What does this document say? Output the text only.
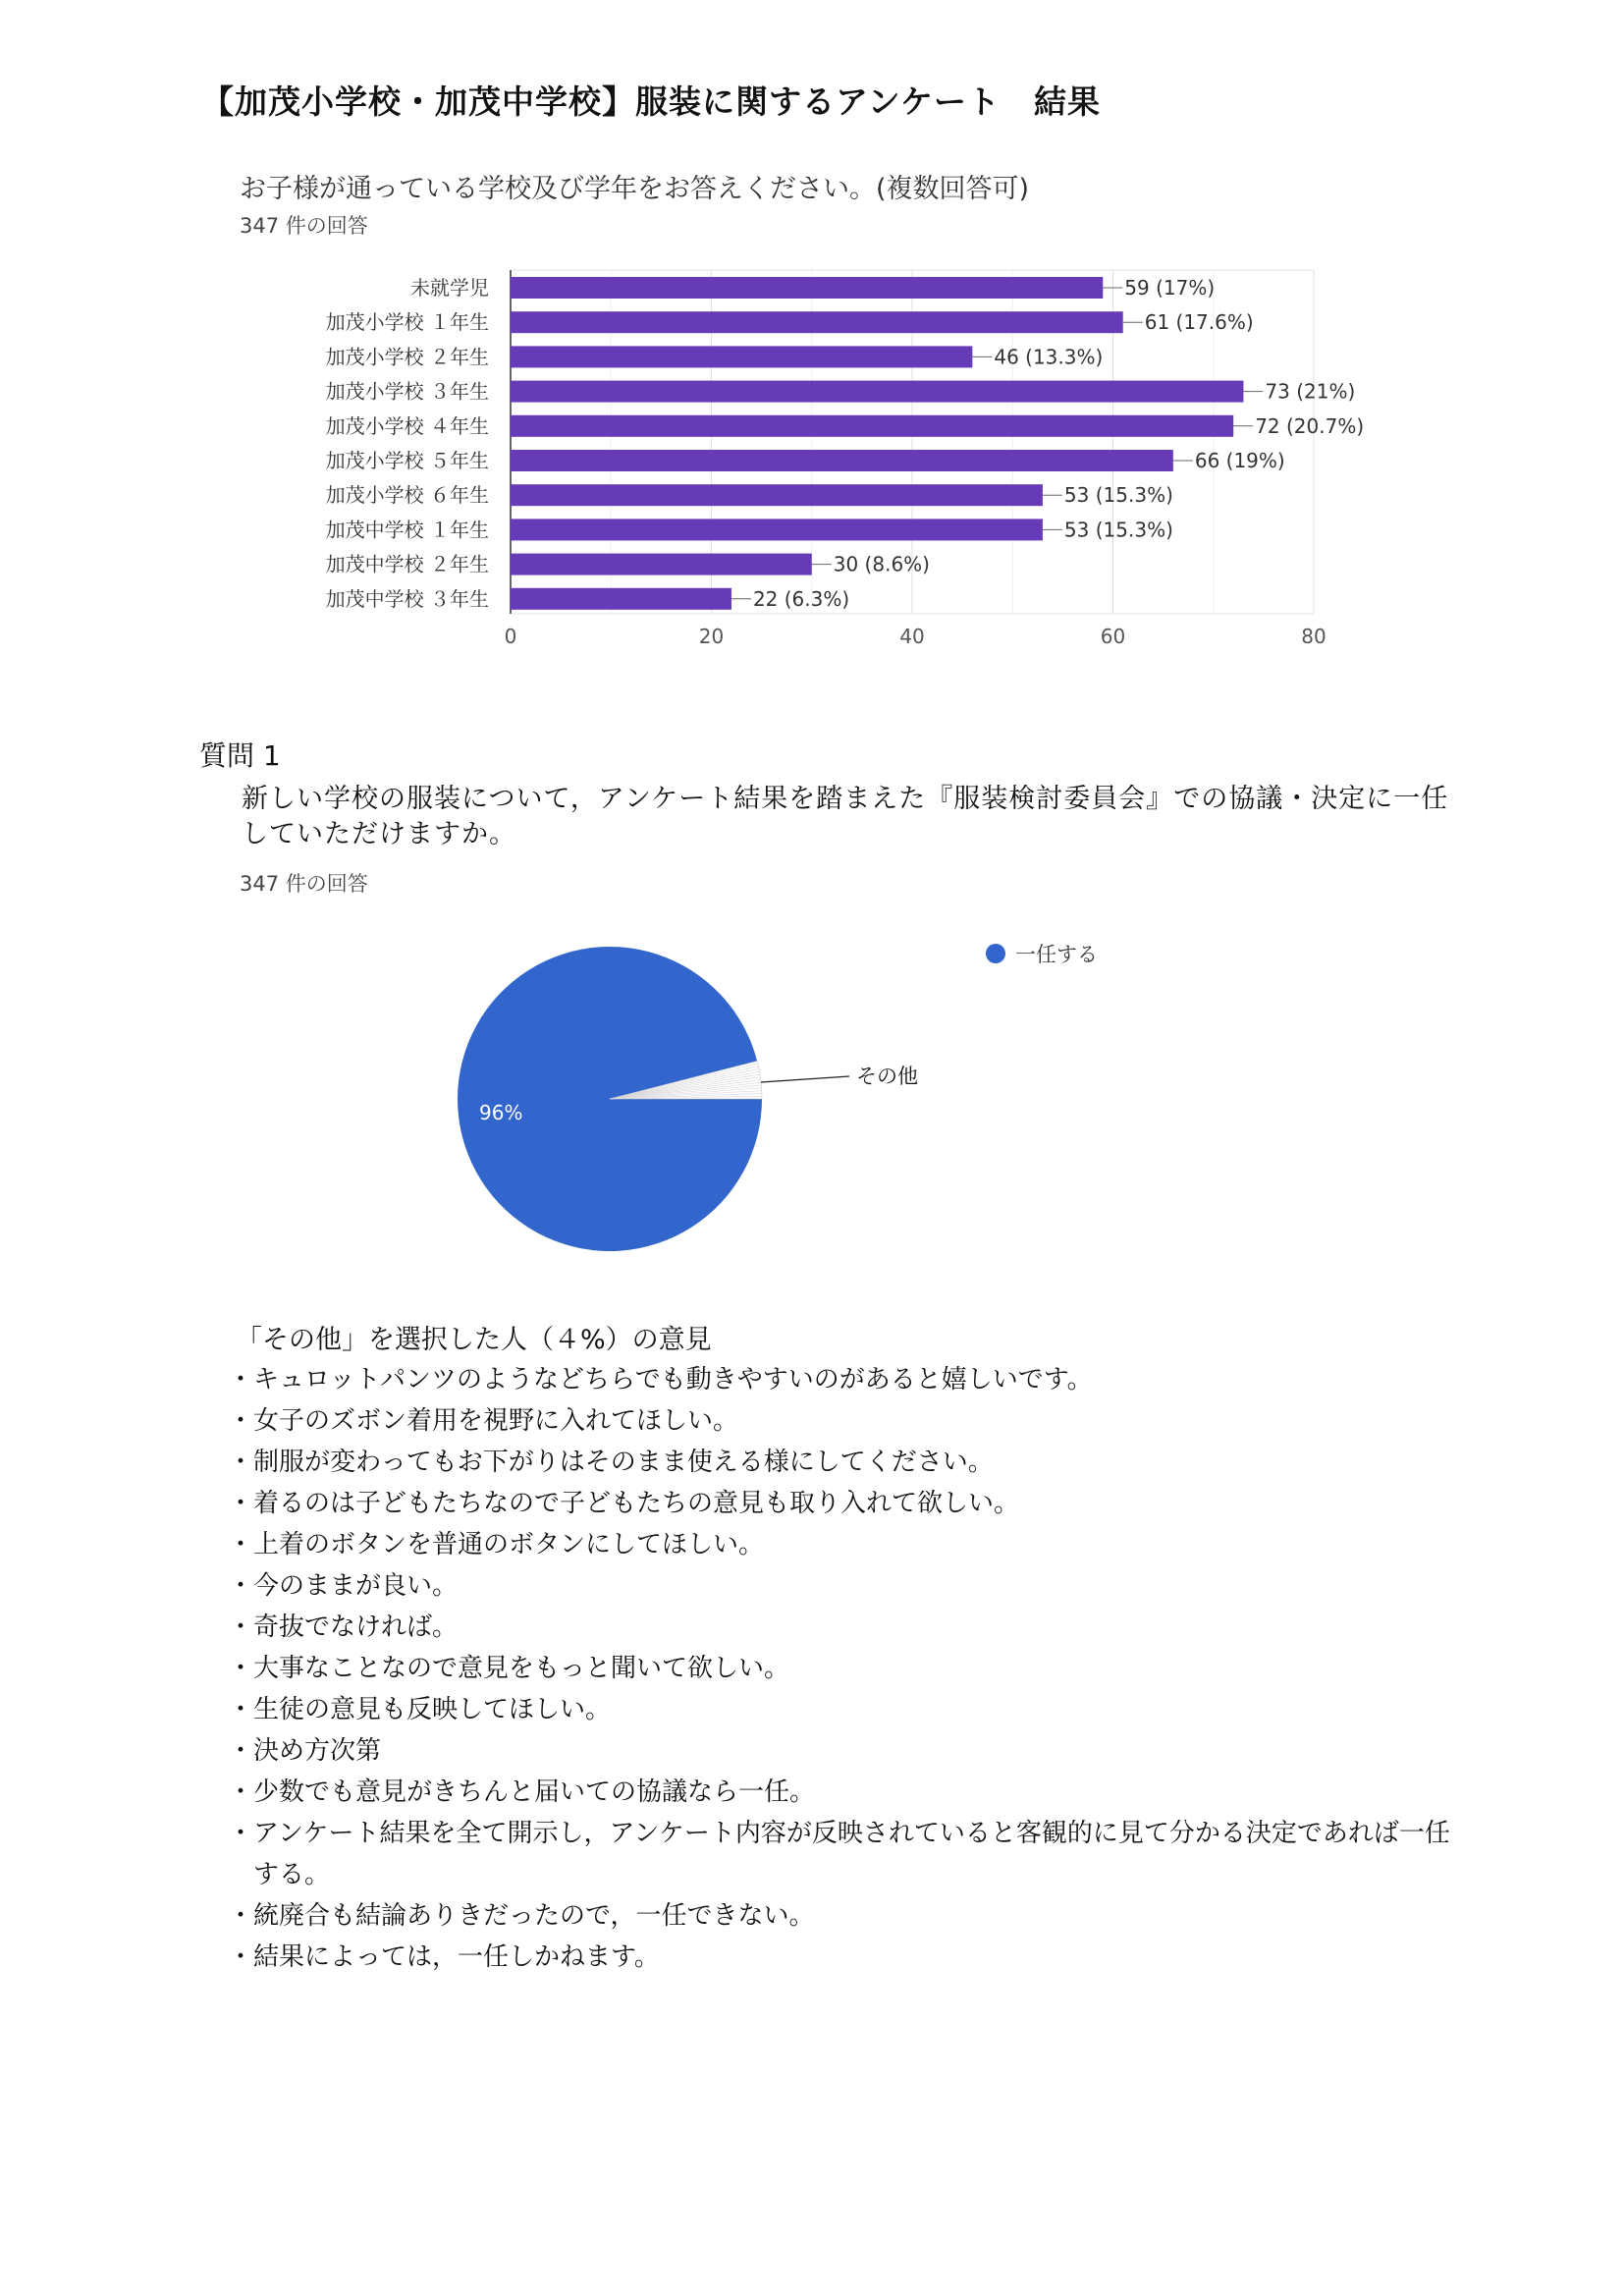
【加茂小学校・加茂中学校】服装に関するアンケート　結果
お子様が通っている学校及び学年をお答えください。(複数回答可)
347 件の回答
未就学児
加茂小学校 １年生
加茂小学校 ２年生
加茂小学校 ３年生
加茂小学校 ４年生
加茂小学校 ５年生
加茂小学校 ６年生
加茂中学校 １年生
加茂中学校 ２年生
加茂中学校 ３年生
59 (17%)
61 (17.6%)
46 (13.3%)
73 (21%)
72 (20.7%)
66 (19%)
53 (15.3%)
53 (15.3%)
30 (8.6%)
22 (6.3%)
0	20	40	60	80
質問 1
新しい学校の服装について，アンケート結果を踏まえた『服装検討委員会』での協議・決定に一任していただけますか。
347 件の回答
96%
その他
一任する
「その他」を選択した人（４%）の意見
・キュロットパンツのようなどちらでも動きやすいのがあると嬉しいです。
・女子のズボン着用を視野に入れてほしい。
・制服が変わってもお下がりはそのまま使える様にしてください。
・着るのは子どもたちなので子どもたちの意見も取り入れて欲しい。
・上着のボタンを普通のボタンにしてほしい。
・今のままが良い。
・奇抜でなければ。
・大事なことなので意見をもっと聞いて欲しい。
・生徒の意見も反映してほしい。
・決め方次第
・少数でも意見がきちんと届いての協議なら一任。
・アンケート結果を全て開示し，アンケート内容が反映されていると客観的に見て分かる決定であれば一任する。
・統廃合も結論ありきだったので，一任できない。
・結果によっては，一任しかねます。
